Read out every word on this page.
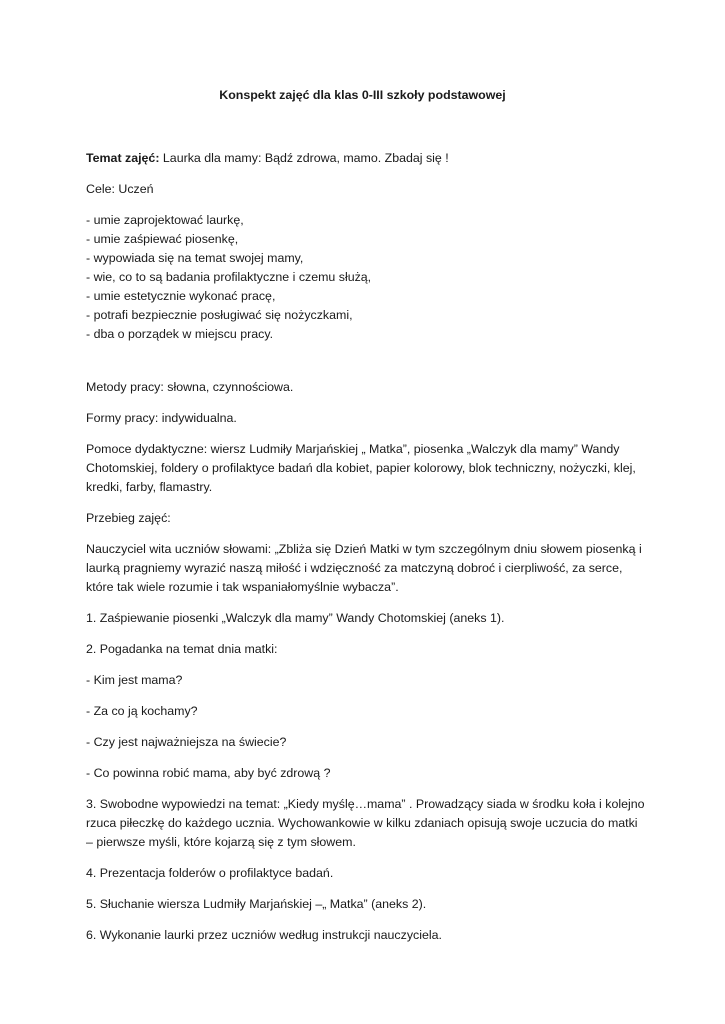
Konspekt zajęć dla klas 0-III szkoły podstawowej

Temat zajęć: Laurka dla mamy: Bądź zdrowa, mamo. Zbadaj się !

Cele: Uczeń

- umie zaprojektować laurkę,
- umie zaśpiewać piosenkę,
- wypowiada się na temat swojej mamy,
- wie, co to są badania profilaktyczne i czemu służą,
- umie estetycznie wykonać pracę,
- potrafi bezpiecznie posługiwać się nożyczkami,
- dba o porządek w miejscu pracy.

Metody pracy: słowna, czynnościowa.

Formy pracy: indywidualna.

Pomoce dydaktyczne: wiersz Ludmiły Marjańskiej „ Matka”, piosenka „Walczyk dla mamy” Wandy Chotomskiej, foldery o profilaktyce badań dla kobiet, papier kolorowy, blok techniczny, nożyczki, klej, kredki, farby, flamastry.

Przebieg zajęć:

Nauczyciel wita uczniów słowami: „Zbliża się Dzień Matki w tym szczególnym dniu słowem piosenką i laurką pragniemy wyrazić naszą miłość i wdzięczność za matczyną dobroć i cierpliwość, za serce, które tak wiele rozumie i tak wspaniałomyślnie wybacza”.

1. Zaśpiewanie piosenki „Walczyk dla mamy” Wandy Chotomskiej (aneks 1).

2. Pogadanka na temat dnia matki:

- Kim jest mama?

- Za co ją kochamy?

- Czy jest najważniejsza na świecie?

- Co powinna robić mama, aby być zdrową ?

3. Swobodne wypowiedzi na temat: „Kiedy myślę…mama” . Prowadzący siada w środku koła i kolejno rzuca piłeczkę do każdego ucznia. Wychowankowie w kilku zdaniach opisują swoje uczucia do matki – pierwsze myśli, które kojarzą się z tym słowem.

4. Prezentacja folderów o profilaktyce badań.

5. Słuchanie wiersza Ludmiły Marjańskiej –„ Matka” (aneks 2).

6. Wykonanie laurki przez uczniów według instrukcji nauczyciela.
